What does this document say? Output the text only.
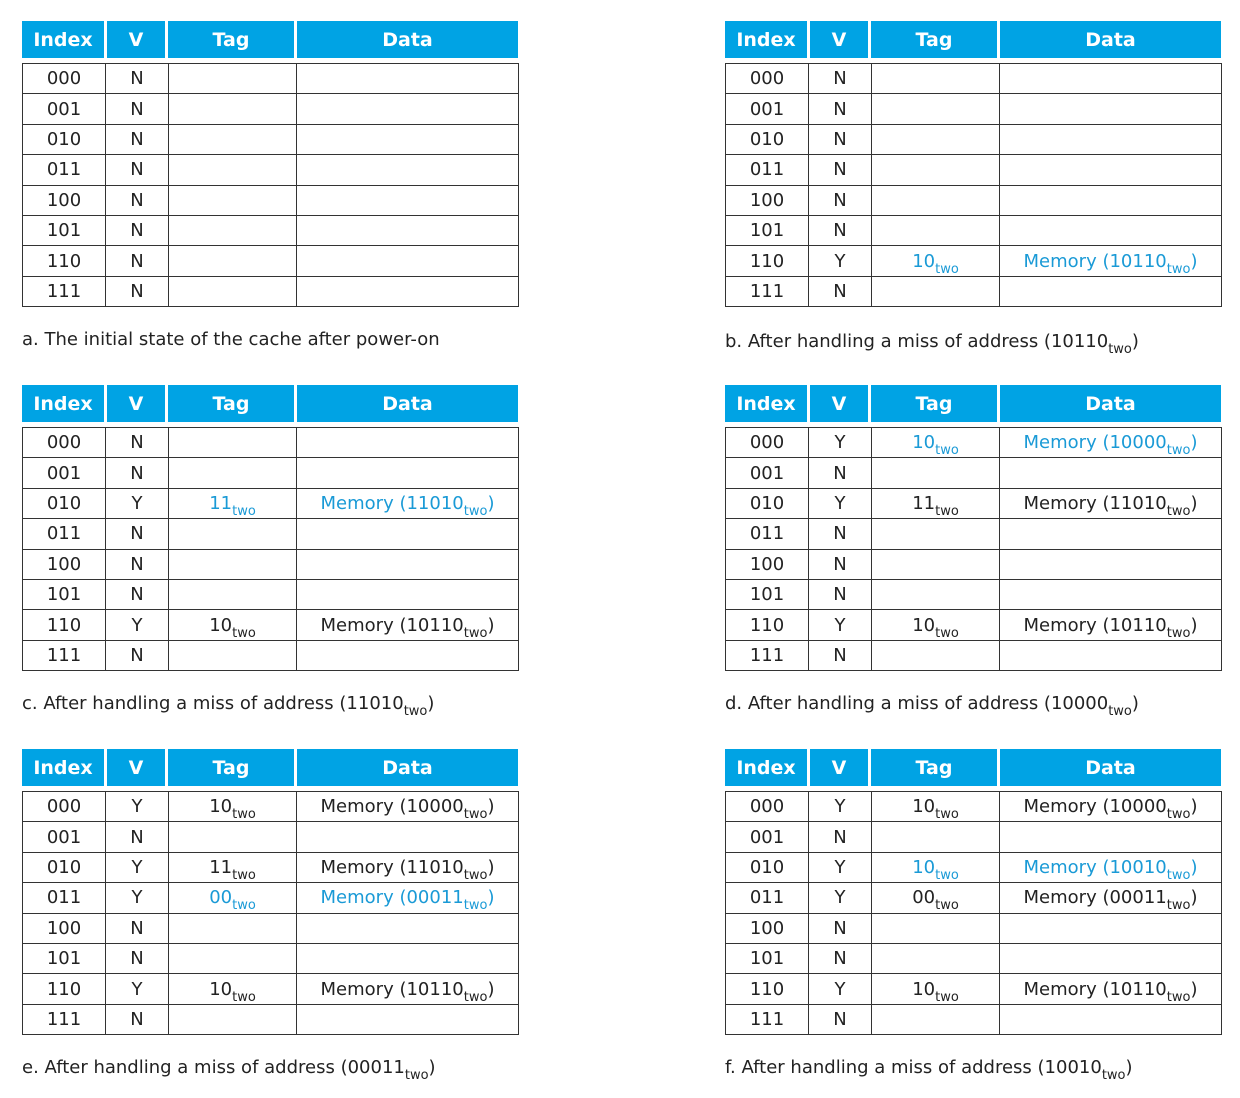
Index	V	Tag	Data
000	N		
001	N		
010	N		
011	N		
100	N		
101	N		
110	N		
111	N		
Index	V	Tag	Data
000	N		
001	N		
010	N		
011	N		
100	N		
101	N		
110	Y	$10_{two}$	Memory $(10110_{two})$
111	N		
Index	V	Tag	Data
000	N		
001	N		
010	Y	$11_{two}$	Memory $(11010_{two})$
011	N		
100	N		
101	N		
110	Y	$10_{two}$	Memory $(10110_{two})$
111	N		
Index	V	Tag	Data
000	Y	$10_{two}$	Memory $(10000_{two})$
001	N		
010	Y	$11_{two}$	Memory $(11010_{two})$
011	N		
100	N		
101	N		
110	Y	$10_{two}$	Memory $(10110_{two})$
111	N		
Index	V	Tag	Data
000	Y	$10_{two}$	Memory $(10000_{two})$
001	N		
010	Y	$11_{two}$	Memory $(11010_{two})$
011	Y	$00_{two}$	Memory $(00011_{two})$
100	N		
101	N		
110	Y	$10_{two}$	Memory $(10110_{two})$
111	N		
Index	V	Tag	Data
000	Y	$10_{two}$	Memory $(10000_{two})$
001	N		
010	Y	$10_{two}$	Memory $(10010_{two})$
011	Y	$00_{two}$	Memory $(00011_{two})$
100	N		
101	N		
110	Y	$10_{two}$	Memory $(10110_{two})$
111	N		
a. The initial state of the cache after power-on	b. After handling a miss of address $(10110_{two})$
c. After handling a miss of address $(11010_{two})$	d. After handling a miss of address $(10000_{two})$
e. After handling a miss of address $(00011_{two})$	f. After handling a miss of address $(10010_{two})$
